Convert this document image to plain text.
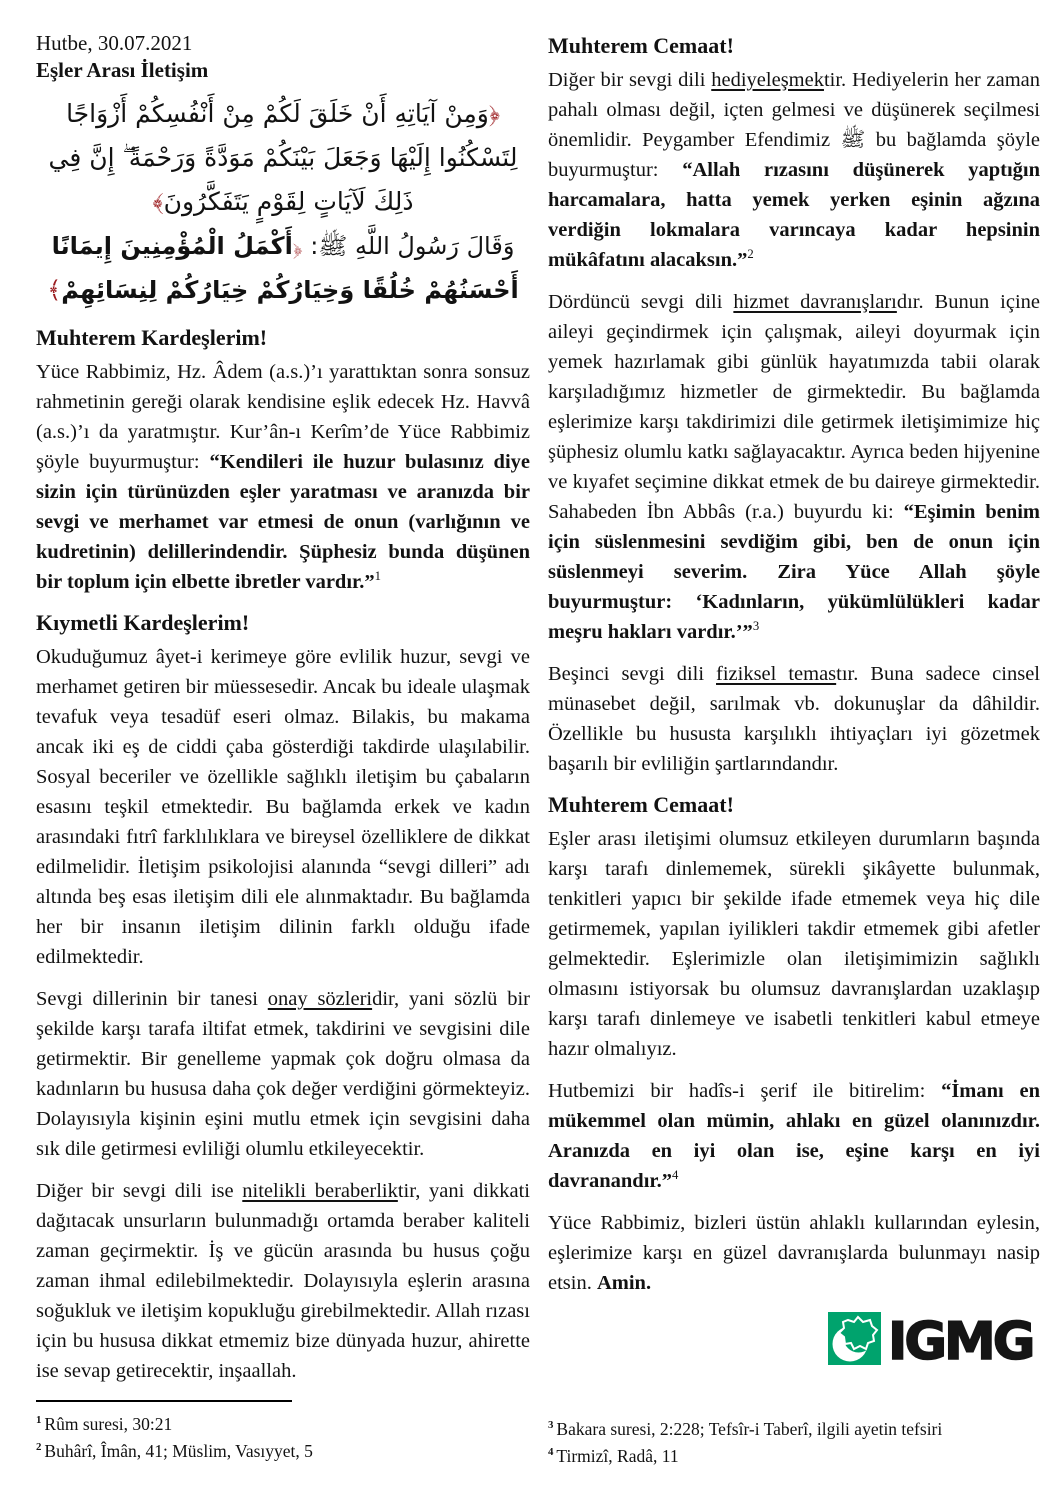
Hutbe, 30.07.2021
Eşler Arası İletişim
﴿وَمِنْ آيَاتِهِ أَنْ خَلَقَ لَكُمْ مِنْ أَنْفُسِكُمْ أَزْوَاجًا لِتَسْكُنُوا إِلَيْهَا وَجَعَلَ بَيْنَكُمْ مَوَدَّةً وَرَحْمَةً ۖ إِنَّ فِي ذَلِكَ لَآيَاتٍ لِقَوْمٍ يَتَفَكَّرُونَ﴾
وَقَالَ رَسُولُ اللَّهِ ﷺ: ﴿أَكْمَلُ الْمُؤْمِنِينَ إِيمَانًا أَحْسَنُهُمْ خُلُقًا وَخِيَارُكُمْ خِيَارُكُمْ لِنِسَائِهِمْ﴾
Muhterem Kardeşlerim!
Yüce Rabbimiz, Hz. Âdem (a.s.)’ı yarattıktan sonra sonsuz rahmetinin gereği olarak kendisine eşlik edecek Hz. Havvâ (a.s.)’ı da yaratmıştır. Kur’ân-ı Kerîm’de Yüce Rabbimiz şöyle buyurmuştur: “Kendileri ile huzur bulasınız diye sizin için türünüzden eşler yaratması ve aranızda bir sevgi ve merhamet var etmesi de onun (varlığının ve kudretinin) delillerindendir. Şüphesiz bunda düşünen bir toplum için elbette ibretler vardır.”$^1$
Kıymetli Kardeşlerim!
Okuduğumuz âyet-i kerimeye göre evlilik huzur, sevgi ve merhamet getiren bir müessesedir. Ancak bu ideale ulaşmak tevafuk veya tesadüf eseri olmaz. Bilakis, bu makama ancak iki eş de ciddi çaba gösterdiği takdirde ulaşılabilir. Sosyal beceriler ve özellikle sağlıklı iletişim bu çabaların esasını teşkil etmektedir. Bu bağlamda erkek ve kadın arasındaki fıtrî farklılıklara ve bireysel özelliklere de dikkat edilmelidir. İletişim psikolojisi alanında “sevgi dilleri” adı altında beş esas iletişim dili ele alınmaktadır. Bu bağlamda her bir insanın iletişim dilinin farklı olduğu ifade edilmektedir.
Sevgi dillerinin bir tanesi onay sözleridir, yani sözlü bir şekilde karşı tarafa iltifat etmek, takdirini ve sevgisini dile getirmektir. Bir genelleme yapmak çok doğru olmasa da kadınların bu hususa daha çok değer verdiğini görmekteyiz. Dolayısıyla kişinin eşini mutlu etmek için sevgisini daha sık dile getirmesi evliliği olumlu etkileyecektir.
Diğer bir sevgi dili ise nitelikli beraberliktir, yani dikkati dağıtacak unsurların bulunmadığı ortamda beraber kaliteli zaman geçirmektir. İş ve gücün arasında bu husus çoğu zaman ihmal edilebilmektedir. Dolayısıyla eşlerin arasına soğukluk ve iletişim kopukluğu girebilmektedir. Allah rızası için bu hususa dikkat etmemiz bize dünyada huzur, ahirette ise sevap getirecektir, inşaallah.
Muhterem Cemaat!
Diğer bir sevgi dili hediyeleşmektir. Hediyelerin her zaman pahalı olması değil, içten gelmesi ve düşünerek seçilmesi önemlidir. Peygamber Efendimiz ﷺ bu bağlamda şöyle buyurmuştur: “Allah rızasını düşünerek yaptığın harcamalara, hatta yemek yerken eşinin ağzına verdiğin lokmalara varıncaya kadar hepsinin mükâfatını alacaksın.”$^2$
Dördüncü sevgi dili hizmet davranışlarıdır. Bunun içine aileyi geçindirmek için çalışmak, aileyi doyurmak için yemek hazırlamak gibi günlük hayatımızda tabii olarak karşıladığımız hizmetler de girmektedir. Bu bağlamda eşlerimize karşı takdirimizi dile getirmek iletişimimize hiç şüphesiz olumlu katkı sağlayacaktır. Ayrıca beden hijyenine ve kıyafet seçimine dikkat etmek de bu daireye girmektedir. Sahabeden İbn Abbâs (r.a.) buyurdu ki: “Eşimin benim için süslenmesini sevdiğim gibi, ben de onun için süslenmeyi severim. Zira Yüce Allah şöyle buyurmuştur: ‘Kadınların, yükümlülükleri kadar meşru hakları vardır.’”$^3$
Beşinci sevgi dili fiziksel temastır. Buna sadece cinsel münasebet değil, sarılmak vb. dokunuşlar da dâhildir. Özellikle bu hususta karşılıklı ihtiyaçları iyi gözetmek başarılı bir evliliğin şartlarındandır.
Muhterem Cemaat!
Eşler arası iletişimi olumsuz etkileyen durumların başında karşı tarafı dinlememek, sürekli şikâyette bulunmak, tenkitleri yapıcı bir şekilde ifade etmemek veya hiç dile getirmemek, yapılan iyilikleri takdir etmemek gibi afetler gelmektedir. Eşlerimizle olan iletişimimizin sağlıklı olmasını istiyorsak bu olumsuz davranışlardan uzaklaşıp karşı tarafı dinlemeye ve isabetli tenkitleri kabul etmeye hazır olmalıyız.
Hutbemizi bir hadîs-i şerif ile bitirelim: “İmanı en mükemmel olan mümin, ahlakı en güzel olanınızdır. Aranızda en iyi olan ise, eşine karşı en iyi davranandır.”$^4$
Yüce Rabbimiz, bizleri üstün ahlaklı kullarından eylesin, eşlerimize karşı en güzel davranışlarda bulunmayı nasip etsin. Amin.
IGMG
$^1$ Rûm suresi, 30:21
$^2$ Buhârî, Îmân, 41; Müslim, Vasıyyet, 5
$^3$ Bakara suresi, 2:228; Tefsîr-i Taberî, ilgili ayetin tefsiri
$^4$ Tirmizî, Radâ, 11
